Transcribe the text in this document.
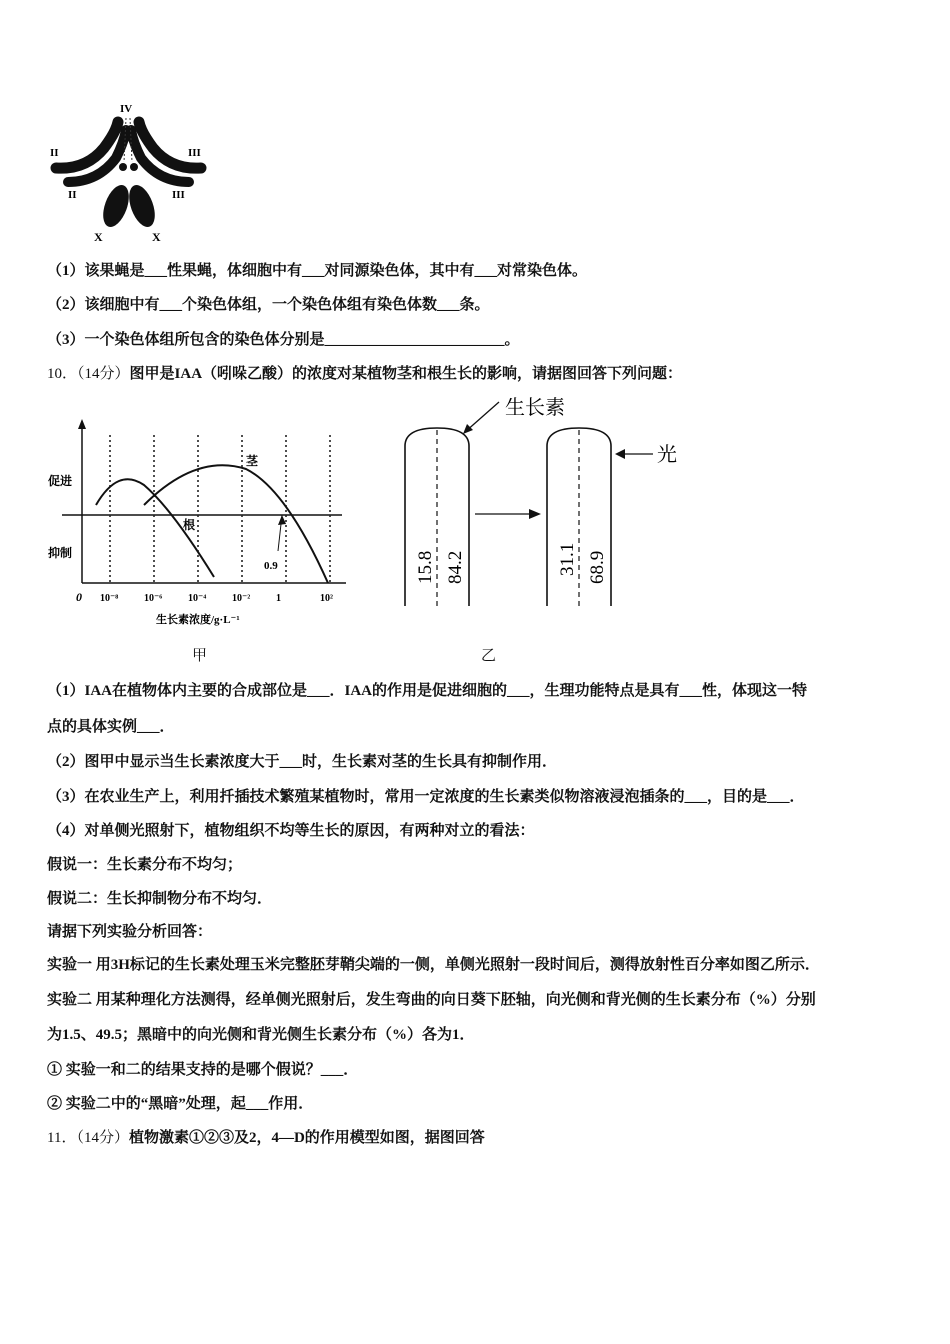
IV
II
II
III
III
X	X
（1）该果蝇是___性果蝇，体细胞中有___对同源染色体，其中有___对常染色体。
（2）该细胞中有___个染色体组，一个染色体组有染色体数___条。
（3）一个染色体组所包含的染色体分别是________________________。
10．（14分）图甲是IAA（吲哚乙酸）的浓度对某植物茎和根生长的影响，请据图回答下列问题：
茎
根
0.9
促进
抑制
0 10⁻⁸	10⁻⁶	10⁻⁴	10⁻²	1	10²
生长素浓度/g·L⁻¹
甲
15.8 84.2
生长素
31.1 68.9
光
乙
（1）IAA在植物体内主要的合成部位是___．IAA的作用是促进细胞的___，生理功能特点是具有___性，体现这一特
点的具体实例___．
（2）图甲中显示当生长素浓度大于___时，生长素对茎的生长具有抑制作用．
（3）在农业生产上，利用扦插技术繁殖某植物时，常用一定浓度的生长素类似物溶液浸泡插条的___，目的是___．
（4）对单侧光照射下，植物组织不均等生长的原因，有两种对立的看法：
假说一：生长素分布不均匀；
假说二：生长抑制物分布不均匀．
请据下列实验分析回答：
实验一 用3H标记的生长素处理玉米完整胚芽鞘尖端的一侧，单侧光照射一段时间后，测得放射性百分率如图乙所示．
实验二 用某种理化方法测得，经单侧光照射后，发生弯曲的向日葵下胚轴，向光侧和背光侧的生长素分布（%）分别
为1.5、49.5；黑暗中的向光侧和背光侧生长素分布（%）各为1．
① 实验一和二的结果支持的是哪个假说？___．
② 实验二中的“黑暗”处理，起___作用．
11．（14分）植物激素①②③及2，4—D的作用模型如图，据图回答
